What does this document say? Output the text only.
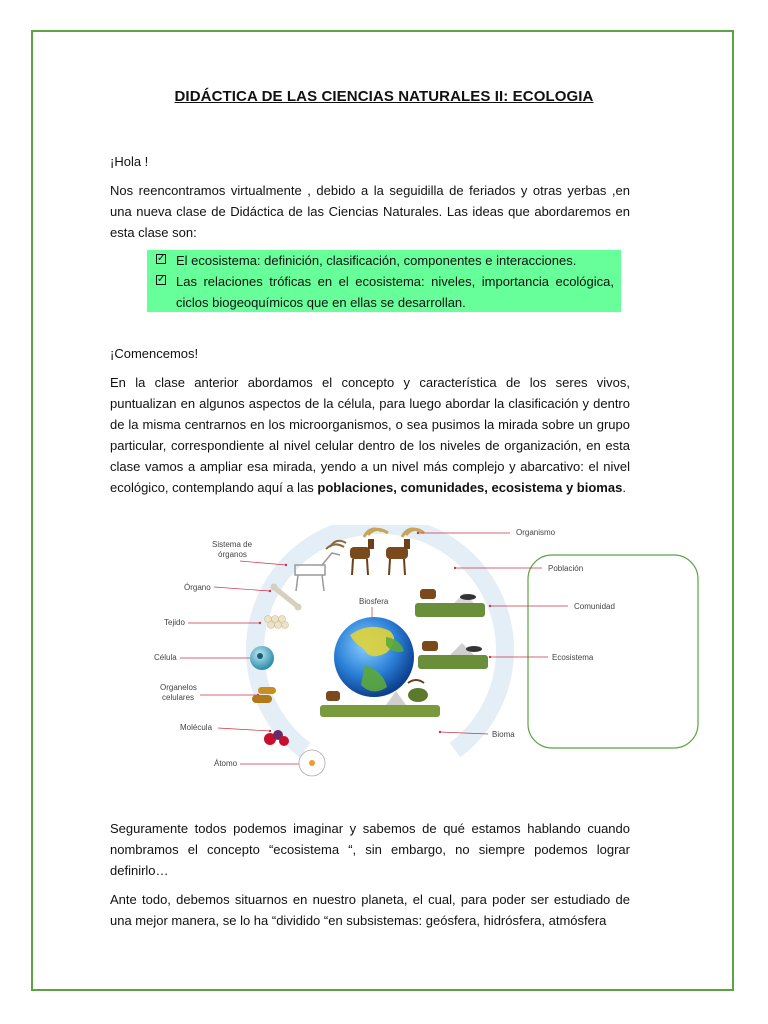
DIDÁCTICA DE LAS CIENCIAS NATURALES II: ECOLOGIA

¡Hola !

Nos reencontramos virtualmente , debido a la seguidilla de feriados y otras yerbas ,en una nueva clase de Didáctica de las Ciencias Naturales. Las ideas que abordaremos en esta clase son:

✓ El ecosistema: definición, clasificación, componentes e interacciones.
✓ Las relaciones tróficas en el ecosistema: niveles, importancia ecológica, ciclos biogeoquímicos que en ellas se desarrollan.

¡Comencemos!

En la clase anterior abordamos el concepto y característica de los seres vivos, puntualizan en algunos aspectos de la célula, para luego abordar la clasificación y dentro de la misma centrarnos en los microorganismos, o sea pusimos la mirada sobre un grupo particular, correspondiente al nivel celular dentro de los niveles de organización, en esta clase vamos a ampliar esa mirada, yendo a un nivel más complejo y abarcativo: el nivel ecológico, contemplando aquí a las poblaciones, comunidades, ecosistema y biomas.

Sistema de
órganos
Órgano
Tejido
Célula
Organelos
celulares
Molécula
Átomo
Organismo
Población
Comunidad
Ecosistema
Bioma
Biosfera

Seguramente todos podemos imaginar y sabemos de qué estamos hablando cuando nombramos el concepto “ecosistema “, sin embargo, no siempre podemos lograr definirlo…

Ante todo, debemos situarnos en nuestro planeta, el cual, para poder ser estudiado de una mejor manera, se lo ha “dividido “en subsistemas: geósfera, hidrósfera, atmósfera
